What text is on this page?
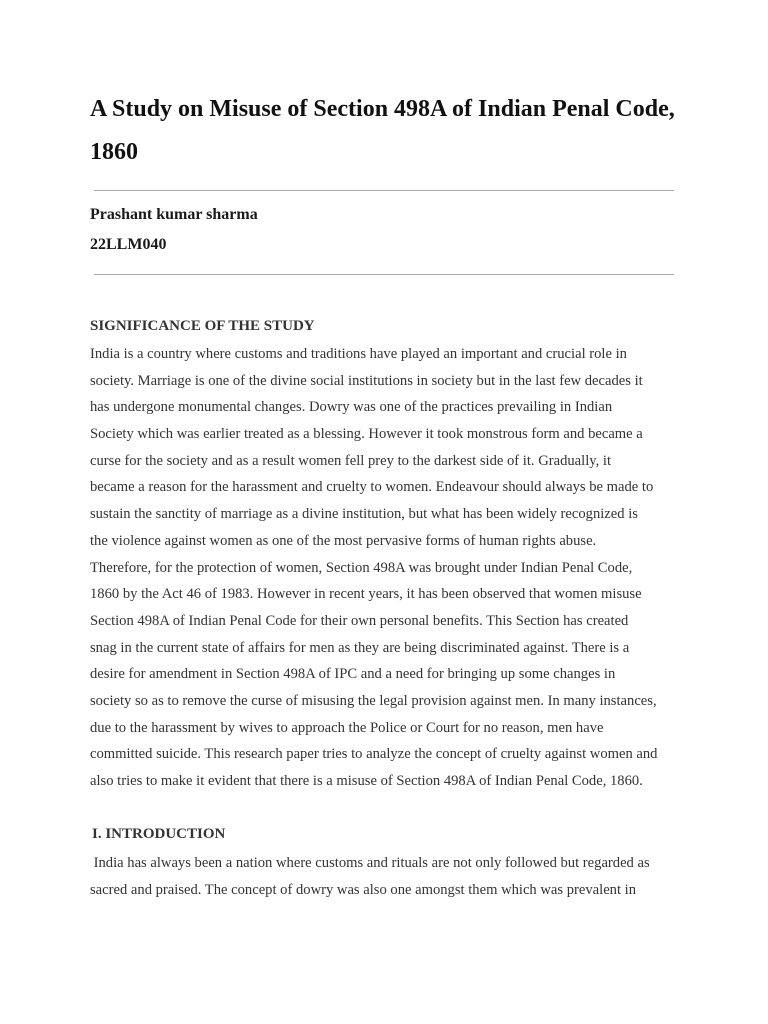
A Study on Misuse of Section 498A of Indian Penal Code,
1860
Prashant kumar sharma
22LLM040
SIGNIFICANCE OF THE STUDY
India is a country where customs and traditions have played an important and crucial role in
society. Marriage is one of the divine social institutions in society but in the last few decades it
has undergone monumental changes. Dowry was one of the practices prevailing in Indian
Society which was earlier treated as a blessing. However it took monstrous form and became a
curse for the society and as a result women fell prey to the darkest side of it. Gradually, it
became a reason for the harassment and cruelty to women. Endeavour should always be made to
sustain the sanctity of marriage as a divine institution, but what has been widely recognized is
the violence against women as one of the most pervasive forms of human rights abuse.
Therefore, for the protection of women, Section 498A was brought under Indian Penal Code,
1860 by the Act 46 of 1983. However in recent years, it has been observed that women misuse
Section 498A of Indian Penal Code for their own personal benefits. This Section has created
snag in the current state of affairs for men as they are being discriminated against. There is a
desire for amendment in Section 498A of IPC and a need for bringing up some changes in
society so as to remove the curse of misusing the legal provision against men. In many instances,
due to the harassment by wives to approach the Police or Court for no reason, men have
committed suicide. This research paper tries to analyze the concept of cruelty against women and
also tries to make it evident that there is a misuse of Section 498A of Indian Penal Code, 1860.
I. INTRODUCTION
India has always been a nation where customs and rituals are not only followed but regarded as
sacred and praised. The concept of dowry was also one amongst them which was prevalent in
